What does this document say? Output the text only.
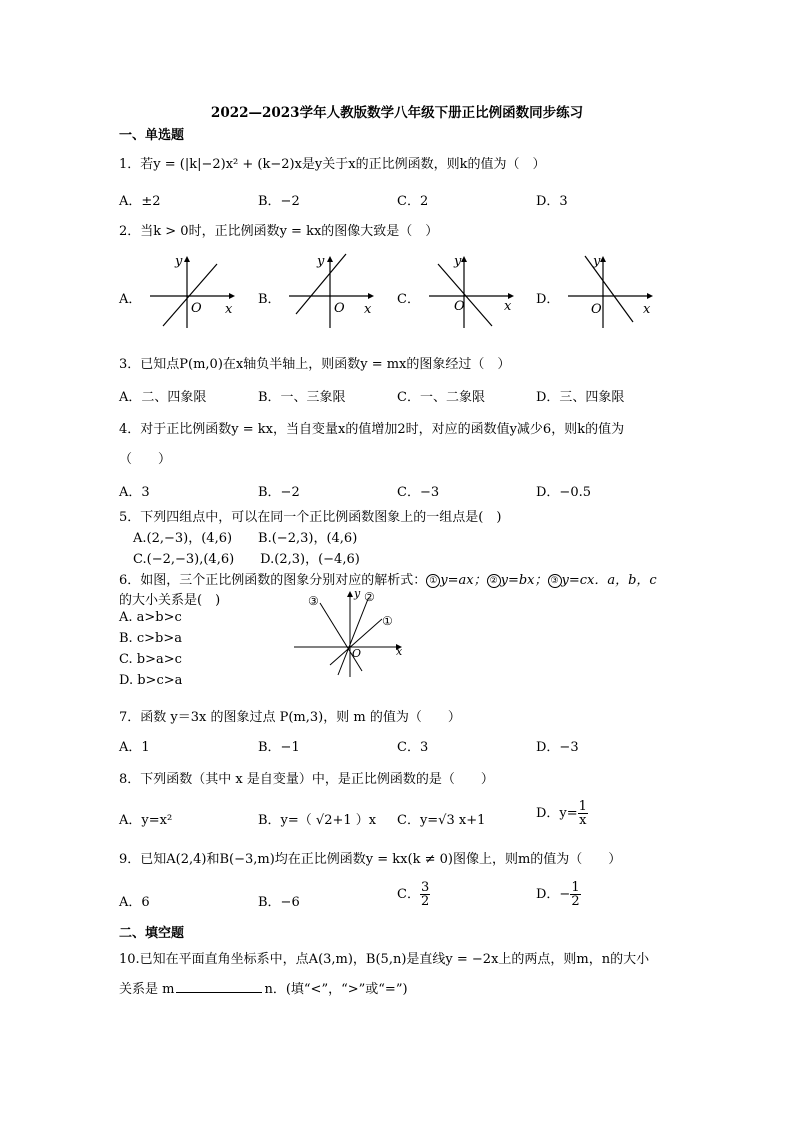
2022—2023学年人教版数学八年级下册正比例函数同步练习
一、单选题
1．若y = (|k|−2)x² + (k−2)x是y关于x的正比例函数，则k的值为（　）
A．±2	B．−2	C．2	D．3
2．当k > 0时，正比例函数y = kx的图像大致是（　）
A．	B．	C．	D．
y
x
O
y
x
O
y
x
O
y
x
O
3．已知点P(m,0)在x轴负半轴上，则函数y = mx的图象经过（　）
A．二、四象限	B．一、三象限	C．一、二象限	D．三、四象限
4．对于正比例函数y = kx，当自变量x的值增加2时，对应的函数值y减少6，则k的值为
（　　）
A．3	B．−2	C．−3	D．−0.5
5．下列四组点中，可以在同一个正比例函数图象上的一组点是(　)
A.(2,−3)，(4,6)　　B.(−2,3)，(4,6)
C.(−2,−3),(4,6)　　D.(2,3)，(−4,6)
6．如图，三个正比例函数的图象分别对应的解析式： ① y=ax； ② y=bx； ③ y=cx．a，b，c
的大小关系是(　)
A. a>b>c
B. c>b>a
C. b>a>c
D. b>c>a
y
x
O
③	②
①
7．函数 y＝3x 的图象过点 P(m,3)，则 m 的值为（　　）
A．1	B．−1	C．3	D．−3
8．下列函数（其中 x 是自变量）中，是正比例函数的是（　　）
A．y=x²	B．y=（ √2+1 ）x C．y=√3 x+1	D．$y= \frac{1}{x}$
9．已知A(2,4)和B(−3,m)均在正比例函数y = kx(k ≠ 0)图像上，则m的值为（　　）
A．6	B．−6
C． $\frac{3}{2}$	D．− $\frac{1}{2}$
二、填空题
10.已知在平面直角坐标系中，点A(3,m)，B(5,n)是直线y = −2x上的两点，则m，n的大小
关系是 m	n．(填“<”，“>”或“=”)
